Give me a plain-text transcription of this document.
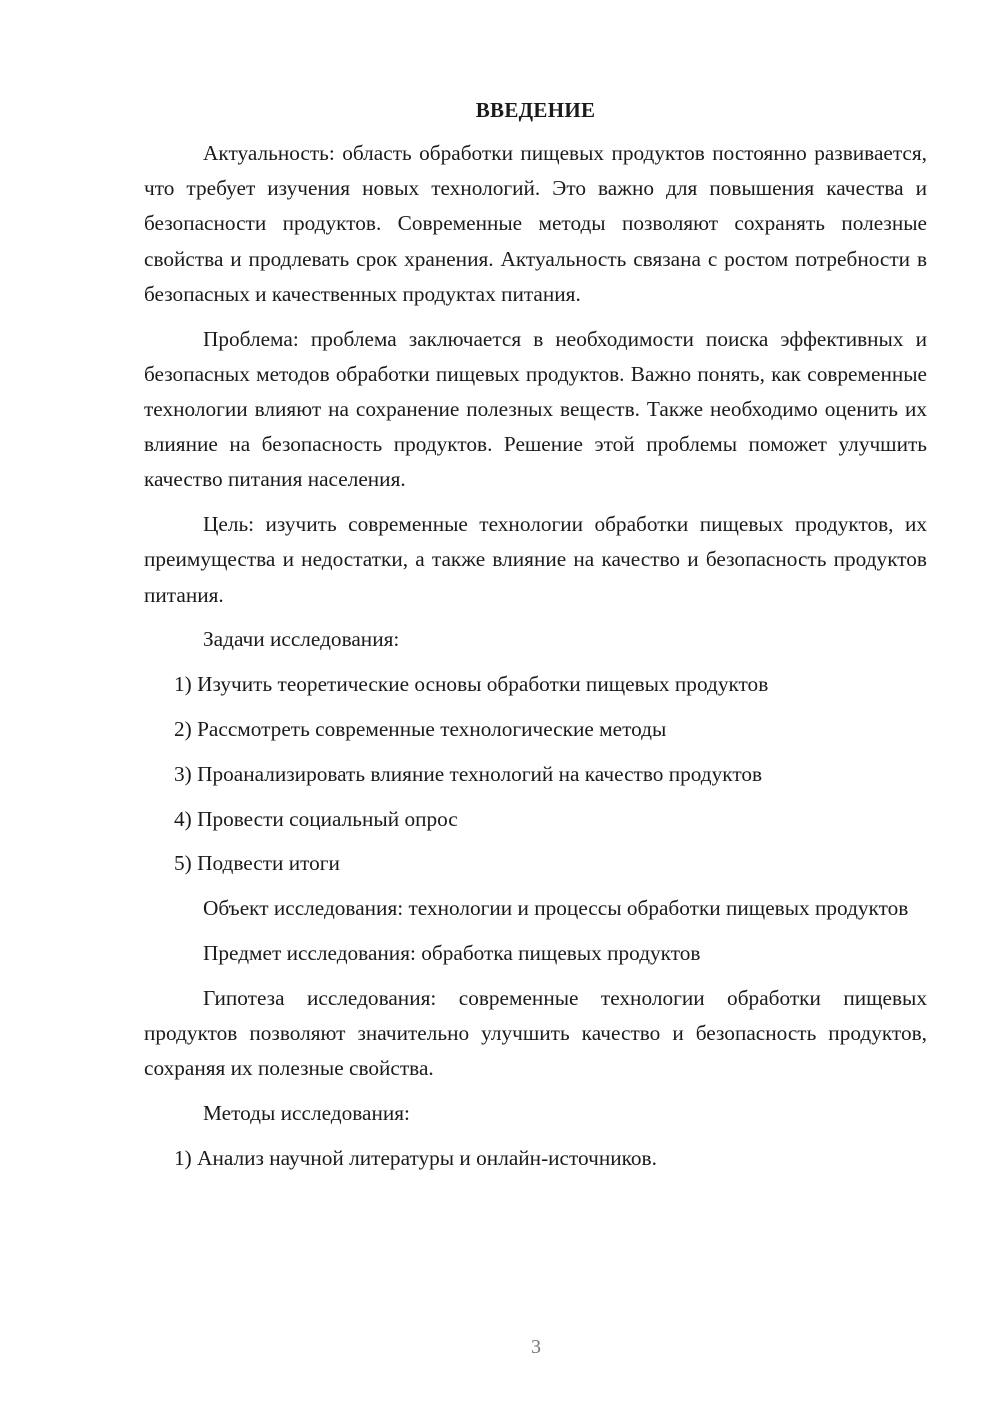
ВВЕДЕНИЕ

Актуальность: область обработки пищевых продуктов постоянно развивается, что требует изучения новых технологий. Это важно для повышения качества и безопасности продуктов. Современные методы позволяют сохранять полезные свойства и продлевать срок хранения. Актуальность связана с ростом потребности в безопасных и качественных продуктах питания.

Проблема: проблема заключается в необходимости поиска эффективных и безопасных методов обработки пищевых продуктов. Важно понять, как современные технологии влияют на сохранение полезных веществ. Также необходимо оценить их влияние на безопасность продуктов. Решение этой проблемы поможет улучшить качество питания населения.

Цель: изучить современные технологии обработки пищевых продуктов, их преимущества и недостатки, а также влияние на качество и безопасность продуктов питания.

Задачи исследования:
1) Изучить теоретические основы обработки пищевых продуктов
2) Рассмотреть современные технологические методы
3) Проанализировать влияние технологий на качество продуктов
4) Провести социальный опрос
5) Подвести итоги

Объект исследования: технологии и процессы обработки пищевых продуктов

Предмет исследования: обработка пищевых продуктов

Гипотеза исследования: современные технологии обработки пищевых продуктов позволяют значительно улучшить качество и безопасность продуктов, сохраняя их полезные свойства.

Методы исследования:
1) Анализ научной литературы и онлайн-источников.
3
